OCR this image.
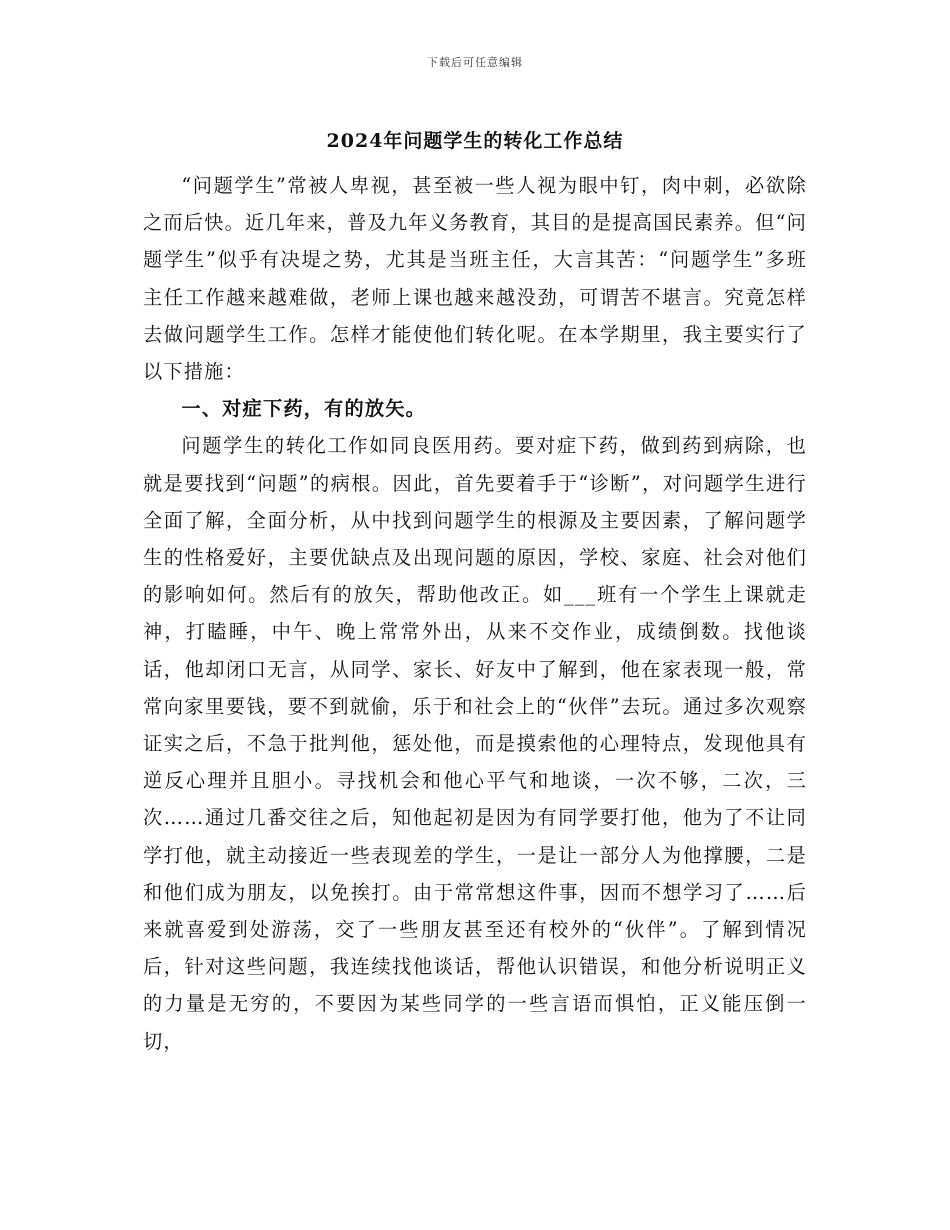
下载后可任意编辑
2024年问题学生的转化工作总结

“问题学生”常被人卑视，甚至被一些人视为眼中钉，肉中刺，必欲除之而后快。近几年来，普及九年义务教育，其目的是提高国民素养。但“问题学生”似乎有决堤之势，尤其是当班主任，大言其苦：“问题学生”多班主任工作越来越难做，老师上课也越来越没劲，可谓苦不堪言。究竟怎样去做问题学生工作。怎样才能使他们转化呢。在本学期里，我主要实行了以下措施：

一、对症下药，有的放矢。

问题学生的转化工作如同良医用药。要对症下药，做到药到病除，也就是要找到“问题”的病根。因此，首先要着手于“诊断”，对问题学生进行全面了解，全面分析，从中找到问题学生的根源及主要因素，了解问题学生的性格爱好，主要优缺点及出现问题的原因，学校、家庭、社会对他们的影响如何。然后有的放矢，帮助他改正。如___班有一个学生上课就走神，打瞌睡，中午、晚上常常外出，从来不交作业，成绩倒数。找他谈话，他却闭口无言，从同学、家长、好友中了解到，他在家表现一般，常常向家里要钱，要不到就偷，乐于和社会上的“伙伴”去玩。通过多次观察证实之后，不急于批判他，惩处他，而是摸索他的心理特点，发现他具有逆反心理并且胆小。寻找机会和他心平气和地谈，一次不够，二次，三次……通过几番交往之后，知他起初是因为有同学要打他，他为了不让同学打他，就主动接近一些表现差的学生，一是让一部分人为他撑腰，二是和他们成为朋友，以免挨打。由于常常想这件事，因而不想学习了……后来就喜爱到处游荡，交了一些朋友甚至还有校外的“伙伴”。了解到情况后，针对这些问题，我连续找他谈话，帮他认识错误，和他分析说明正义的力量是无穷的，不要因为某些同学的一些言语而惧怕，正义能压倒一切，
